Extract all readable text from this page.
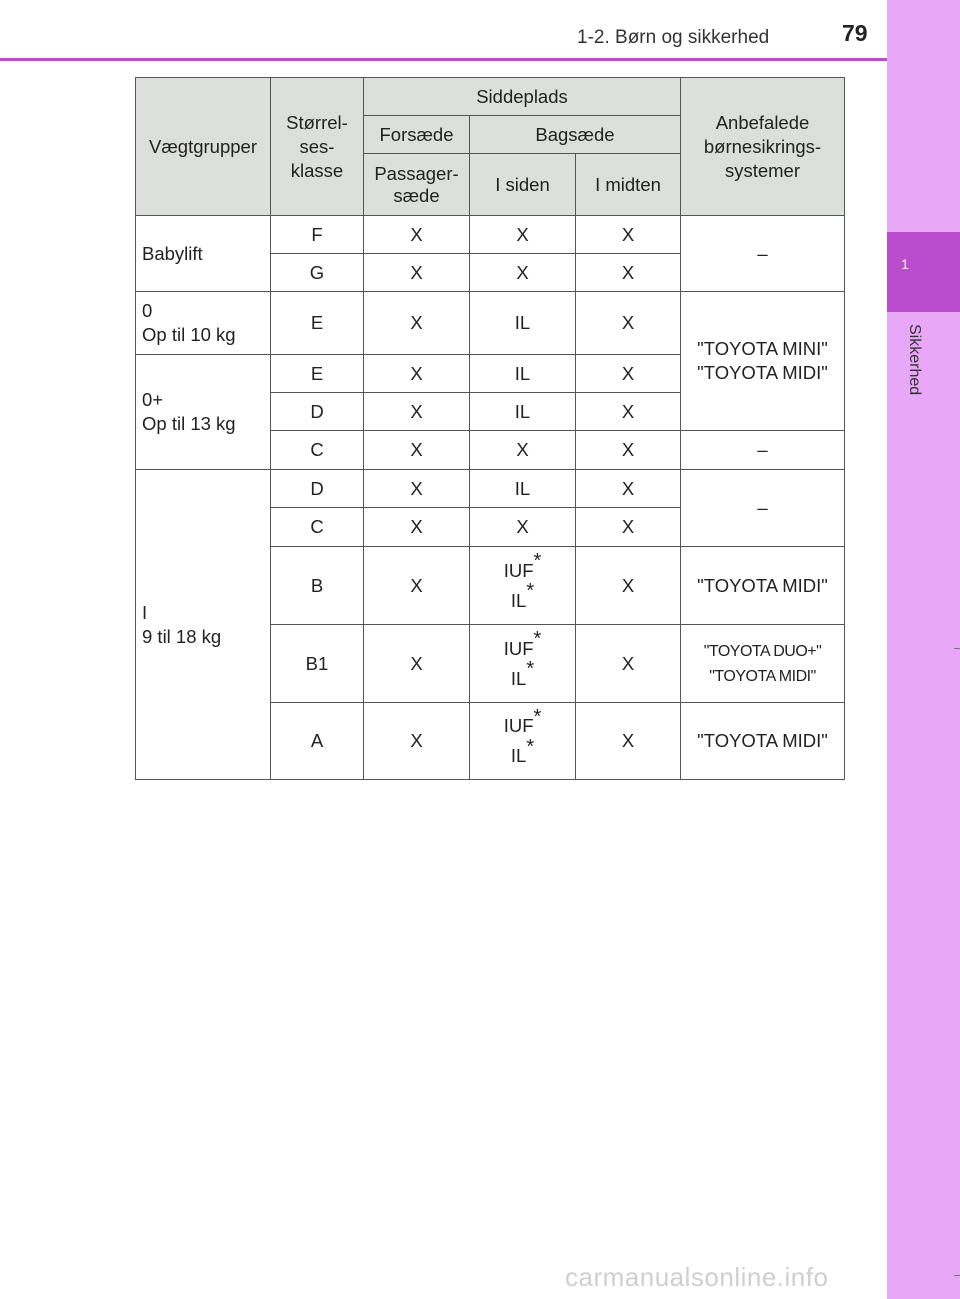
1
Sikkerhed
1-2. Børn og sikkerhed	79
Vægtgrupper	Størrel-
ses-
klasse	Siddeplads			Anbefalede
børnesikrings-
systemer
		Forsæde	Bagsæde		
		Passager-
sæde	I siden	I midten	
Babylift	F	X	X	X	–
	G	X	X	X	
0
Op til 10 kg	E	X	IL	X	"TOYOTA MINI"
"TOYOTA MIDI"
0+
Op til 13 kg	E	X	IL	X	
	D	X	IL	X	
	C	X	X	X	–
I
9 til 18 kg	D	X	IL	X	–
	C	X	X	X	
	B	X	IUF*
IL*	X	"TOYOTA MIDI"
	B1	X	IUF*
IL*	X	"TOYOTA DUO+"
"TOYOTA MIDI"
	A	X	IUF*
IL*	X	"TOYOTA MIDI"
carmanualsonline.info
